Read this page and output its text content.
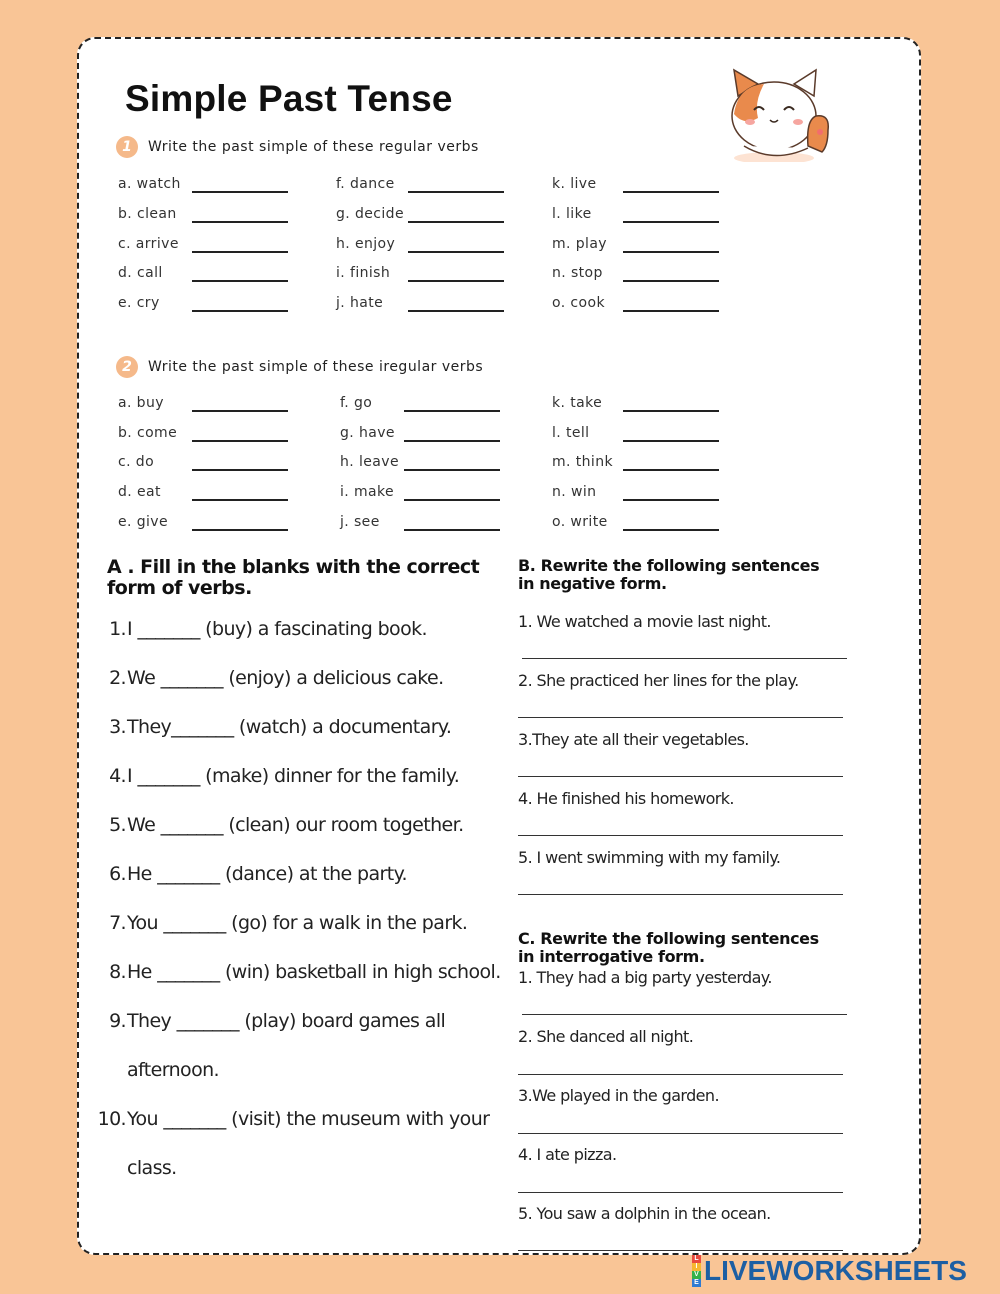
Simple Past Tense
1	Write the past simple of these regular verbs
a. watch
b. clean
c. arrive
d. call
e. cry
f. dance
g. decide
h. enjoy
i. finish
j. hate
k. live
l. like
m. play
n. stop
o. cook
2	Write the past simple of these iregular verbs
a. buy
b. come
c. do
d. eat
e. give
f. go
g. have
h. leave
i. make
j. see
k. take
l. tell
m. think
n. win
o. write
A . Fill in the blanks with the correct form of verbs.
1. I _______ (buy) a fascinating book.
2. We _______ (enjoy) a delicious cake.
3. They_______ (watch) a documentary.
4. I _______ (make) dinner for the family.
5. We _______ (clean) our room together.
6. He _______ (dance) at the party.
7. You _______ (go) for a walk in the park.
8. He _______ (win) basketball in high school.
9. They _______ (play) board games all
afternoon.
10. You _______ (visit) the museum with your
class.
B. Rewrite the following sentences in negative form.
1. We watched a movie last night.
2. She practiced her lines for the play.
3.They ate all their vegetables.
4. He finished his homework.
5. I went swimming with my family.
C. Rewrite the following sentences in interrogative form.
1. They had a big party yesterday.
2. She danced all night.
3.We played in the garden.
4. I ate pizza.
5. You saw a dolphin in the ocean.
L
I
V
E LIVEWORKSHEETS
